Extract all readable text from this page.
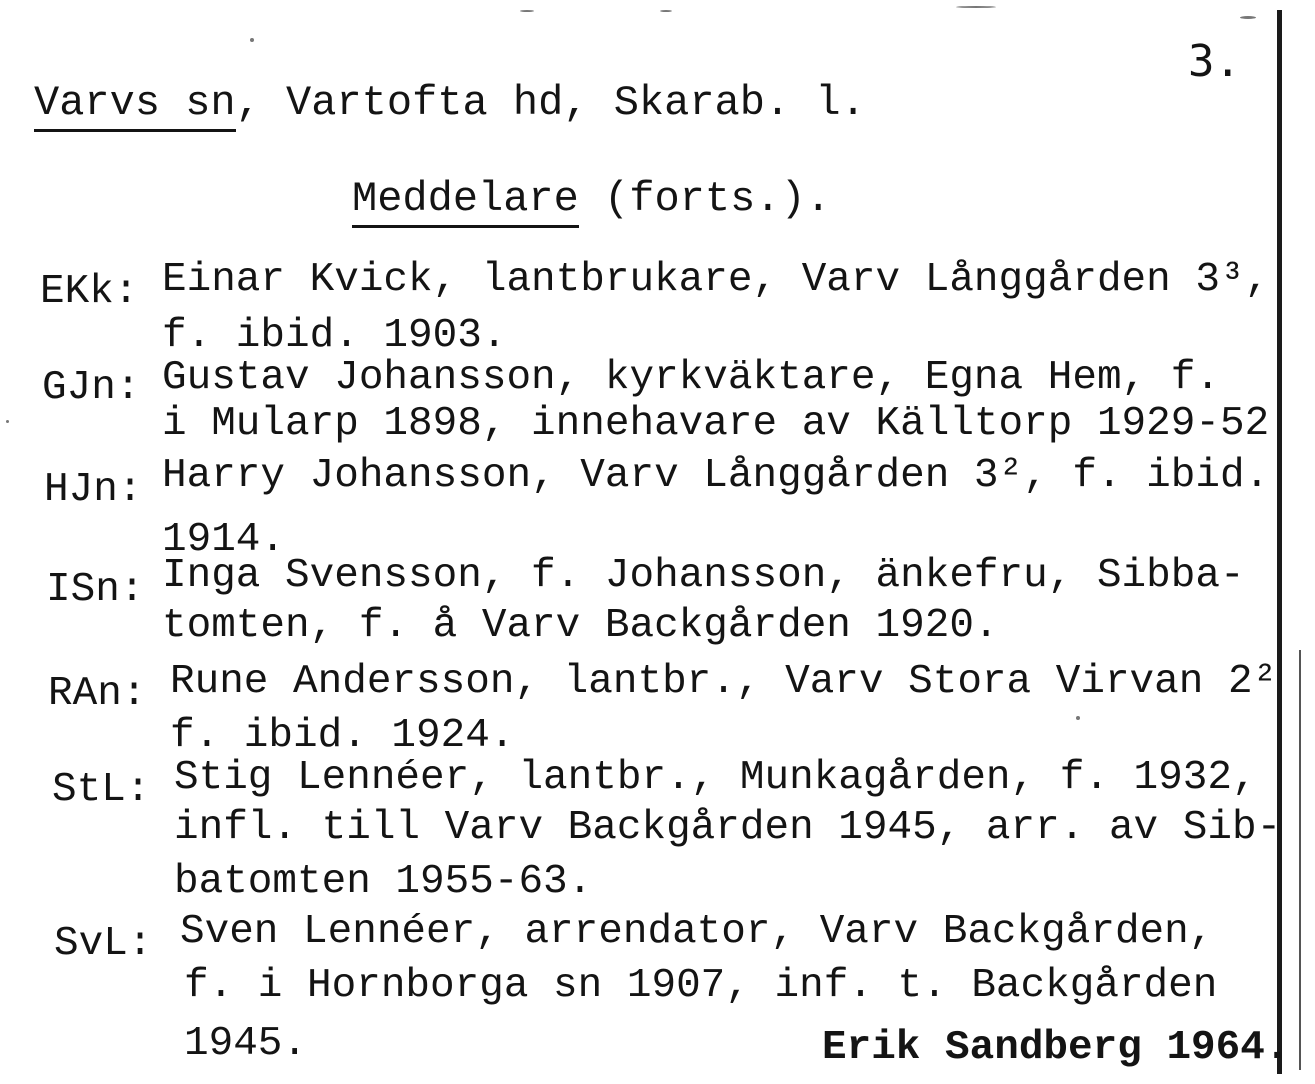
3.
Varvs sn, Vartofta hd, Skarab. l.
Meddelare (forts.).
EKk: Einar Kvick, lantbrukare, Varv Långgården 3³,
f. ibid. 1903.
GJn: Gustav Johansson, kyrkväktare, Egna Hem, f.
i Mularp 1898, innehavare av Källtorp 1929-52
HJn: Harry Johansson, Varv Långgården 3², f. ibid.
1914.
ISn: Inga Svensson, f. Johansson, änkefru, Sibba-
tomten, f. å Varv Backgården 1920.
RAn: Rune Andersson, lantbr., Varv Stora Virvan 2²
f. ibid. 1924.
StL: Stig Lennéer, lantbr., Munkagården, f. 1932,
infl. till Varv Backgården 1945, arr. av Sib-
batomten 1955-63.
SvL: Sven Lennéer, arrendator, Varv Backgården,
f. i Hornborga sn 1907, inf. t. Backgården
1945.	Erik Sandberg 1964.
